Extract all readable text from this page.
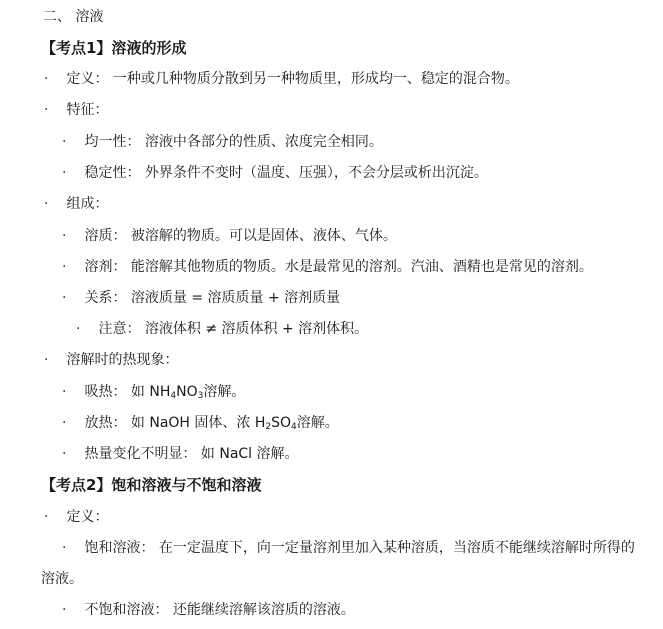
二、 溶液
【考点1】溶液的形成
· 定义： 一种或几种物质分散到另一种物质里，形成均一、稳定的混合物。
· 特征：
· 均一性： 溶液中各部分的性质、浓度完全相同。
· 稳定性： 外界条件不变时（温度、压强），不会分层或析出沉淀。
· 组成：
· 溶质： 被溶解的物质。可以是固体、液体、气体。
· 溶剂： 能溶解其他物质的物质。水是最常见的溶剂。汽油、酒精也是常见的溶剂。
· 关系： 溶液质量 = 溶质质量 + 溶剂质量
· 注意： 溶液体积 ≠ 溶质体积 + 溶剂体积。
· 溶解时的热现象：
· 吸热： 如 $NH_4NO_3$溶解。
· 放热： 如 NaOH 固体、浓 $H_2SO_4$溶解。
· 热量变化不明显： 如 NaCl 溶解。
【考点2】饱和溶液与不饱和溶液
· 定义：
· 饱和溶液： 在一定温度下，向一定量溶剂里加入某种溶质，当溶质不能继续溶解时所得的
溶液。
· 不饱和溶液： 还能继续溶解该溶质的溶液。
